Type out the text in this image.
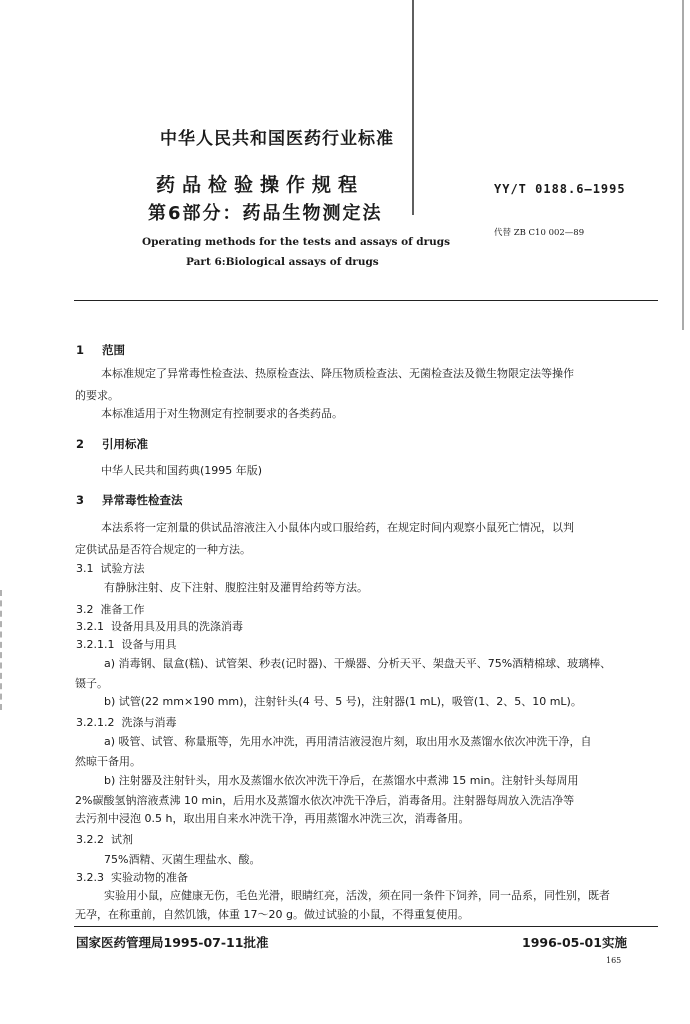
中华人民共和国医药行业标准
药品检验操作规程
第6部分：药品生物测定法
Operating methods for the tests and assays of drugs
Part 6:Biological assays of drugs
YY/T 0188.6—1995
代替 ZB C10 002—89
1 范围
本标准规定了异常毒性检查法、热原检查法、降压物质检查法、无菌检查法及微生物限定法等操作
的要求。
本标准适用于对生物测定有控制要求的各类药品。
2 引用标准
中华人民共和国药典(1995 年版)
3 异常毒性检查法
本法系将一定剂量的供试品溶液注入小鼠体内或口服给药，在规定时间内观察小鼠死亡情况，以判
定供试品是否符合规定的一种方法。
3.1 试验方法
有静脉注射、皮下注射、腹腔注射及灌胃给药等方法。
3.2 准备工作
3.2.1 设备用具及用具的洗涤消毒
3.2.1.1 设备与用具
a) 消毒钢、鼠盒(糕)、试管架、秒表(记时器)、干燥器、分析天平、架盘天平、75%酒精棉球、玻璃棒、
镊子。
b) 试管(22 mm×190 mm)，注射针头(4 号、5 号)，注射器(1 mL)，吸管(1、2、5、10 mL)。
3.2.1.2 洗涤与消毒
a) 吸管、试管、称量瓶等，先用水冲洗，再用清洁液浸泡片刻，取出用水及蒸馏水依次冲洗干净，自
然晾干备用。
b) 注射器及注射针头，用水及蒸馏水依次冲洗干净后，在蒸馏水中煮沸 15 min。注射针头每周用
2%碳酸氢钠溶液煮沸 10 min，后用水及蒸馏水依次冲洗干净后，消毒备用。注射器每周放入洗洁净等
去污剂中浸泡 0.5 h，取出用自来水冲洗干净，再用蒸馏水冲洗三次，消毒备用。
3.2.2 试剂
75%酒精、灭菌生理盐水、酸。
3.2.3 实验动物的准备
实验用小鼠，应健康无伤，毛色光滑，眼睛红亮，活泼，须在同一条件下饲养，同一品系，同性别，既者
无孕，在称重前，自然饥饿，体重 17～20 g。做过试验的小鼠，不得重复使用。
国家医药管理局1995-07-11批准	1996-05-01实施
165
